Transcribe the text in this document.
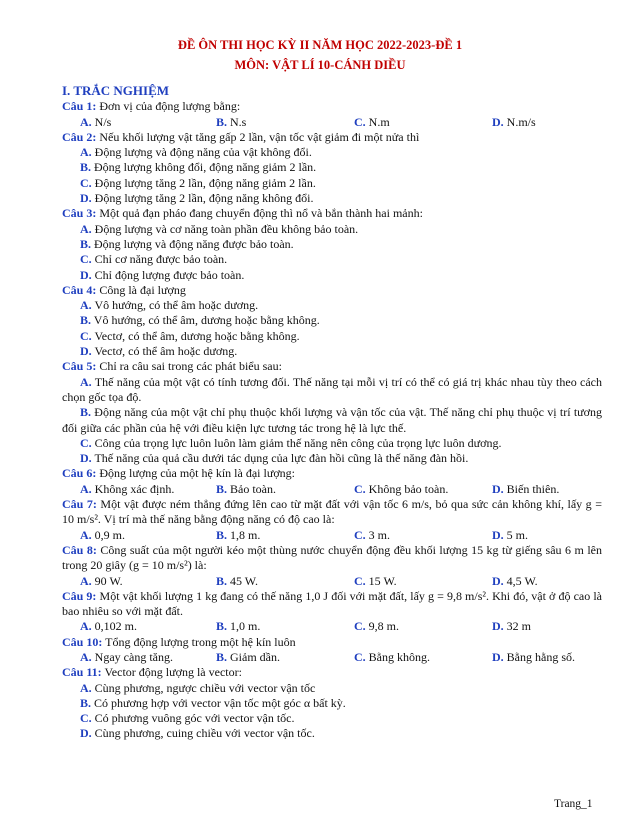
ĐỀ ÔN THI HỌC KỲ II NĂM HỌC 2022-2023-ĐỀ 1
MÔN: VẬT LÍ 10-CÁNH DIỀU
I. TRẮC NGHIỆM
Câu 1: Đơn vị của động lượng bằng:
A. N/s	B. N.s	C. N.m	D. N.m/s
Câu 2: Nếu khối lượng vật tăng gấp 2 lần, vận tốc vật giảm đi một nửa thì
A. Động lượng và động năng của vật không đổi.
B. Động lượng không đổi, động năng giảm 2 lần.
C. Động lượng tăng 2 lần, động năng giảm 2 lần.
D. Động lượng tăng 2 lần, động năng không đổi.
Câu 3: Một quả đạn pháo đang chuyển động thì nổ và bắn thành hai mảnh:
A. Động lượng và cơ năng toàn phần đều không bảo toàn.
B. Động lượng và động năng được bảo toàn.
C. Chỉ cơ năng được bảo toàn.
D. Chỉ động lượng được bảo toàn.
Câu 4: Công là đại lượng
A. Vô hướng, có thể âm hoặc dương.
B. Vô hướng, có thể âm, dương hoặc bằng không.
C. Vectơ, có thể âm, dương hoặc bằng không.
D. Vectơ, có thể âm hoặc dương.
Câu 5: Chỉ ra câu sai trong các phát biểu sau:
A. Thế năng của một vật có tính tương đối. Thế năng tại mỗi vị trí có thể có giá trị khác nhau tùy theo cách chọn gốc tọa độ.
B. Động năng của một vật chỉ phụ thuộc khối lượng và vận tốc của vật. Thế năng chỉ phụ thuộc vị trí tương đối giữa các phần của hệ với điều kiện lực tương tác trong hệ là lực thế.
C. Công của trọng lực luôn luôn làm giảm thế năng nên công của trọng lực luôn dương.
D. Thế năng của quả cầu dưới tác dụng của lực đàn hồi cũng là thế năng đàn hồi.
Câu 6: Động lượng của một hệ kín là đại lượng:
A. Không xác định.	B. Bảo toàn.	C. Không bảo toàn.	D. Biến thiên.
Câu 7: Một vật được ném thẳng đứng lên cao từ mặt đất với vận tốc 6 m/s, bỏ qua sức cản không khí, lấy g = 10 m/s². Vị trí mà thế năng bằng động năng có độ cao là:
A. 0,9 m.	B. 1,8 m.	C. 3 m.	D. 5 m.
Câu 8: Công suất của một người kéo một thùng nước chuyển động đều khối lượng 15 kg từ giếng sâu 6 m lên trong 20 giây (g = 10 m/s²) là:
A. 90 W.	B. 45 W.	C. 15 W.	D. 4,5 W.
Câu 9: Một vật khối lượng 1 kg đang có thế năng 1,0 J đối với mặt đất, lấy g = 9,8 m/s². Khi đó, vật ở độ cao là bao nhiêu so với mặt đất.
A. 0,102 m.	B. 1,0 m.	C. 9,8 m.	D. 32 m
Câu 10: Tổng động lượng trong một hệ kín luôn
A. Ngay càng tăng.	B. Giảm dần.	C. Bằng không.	D. Bằng hằng số.
Câu 11: Vector động lượng là vector:
A. Cùng phương, ngược chiều với vector vận tốc
B. Có phương hợp với vector vận tốc một góc α bất kỳ.
C. Có phương vuông góc với vector vận tốc.
D. Cùng phương, cuing chiều với vector vận tốc.
Trang_1
